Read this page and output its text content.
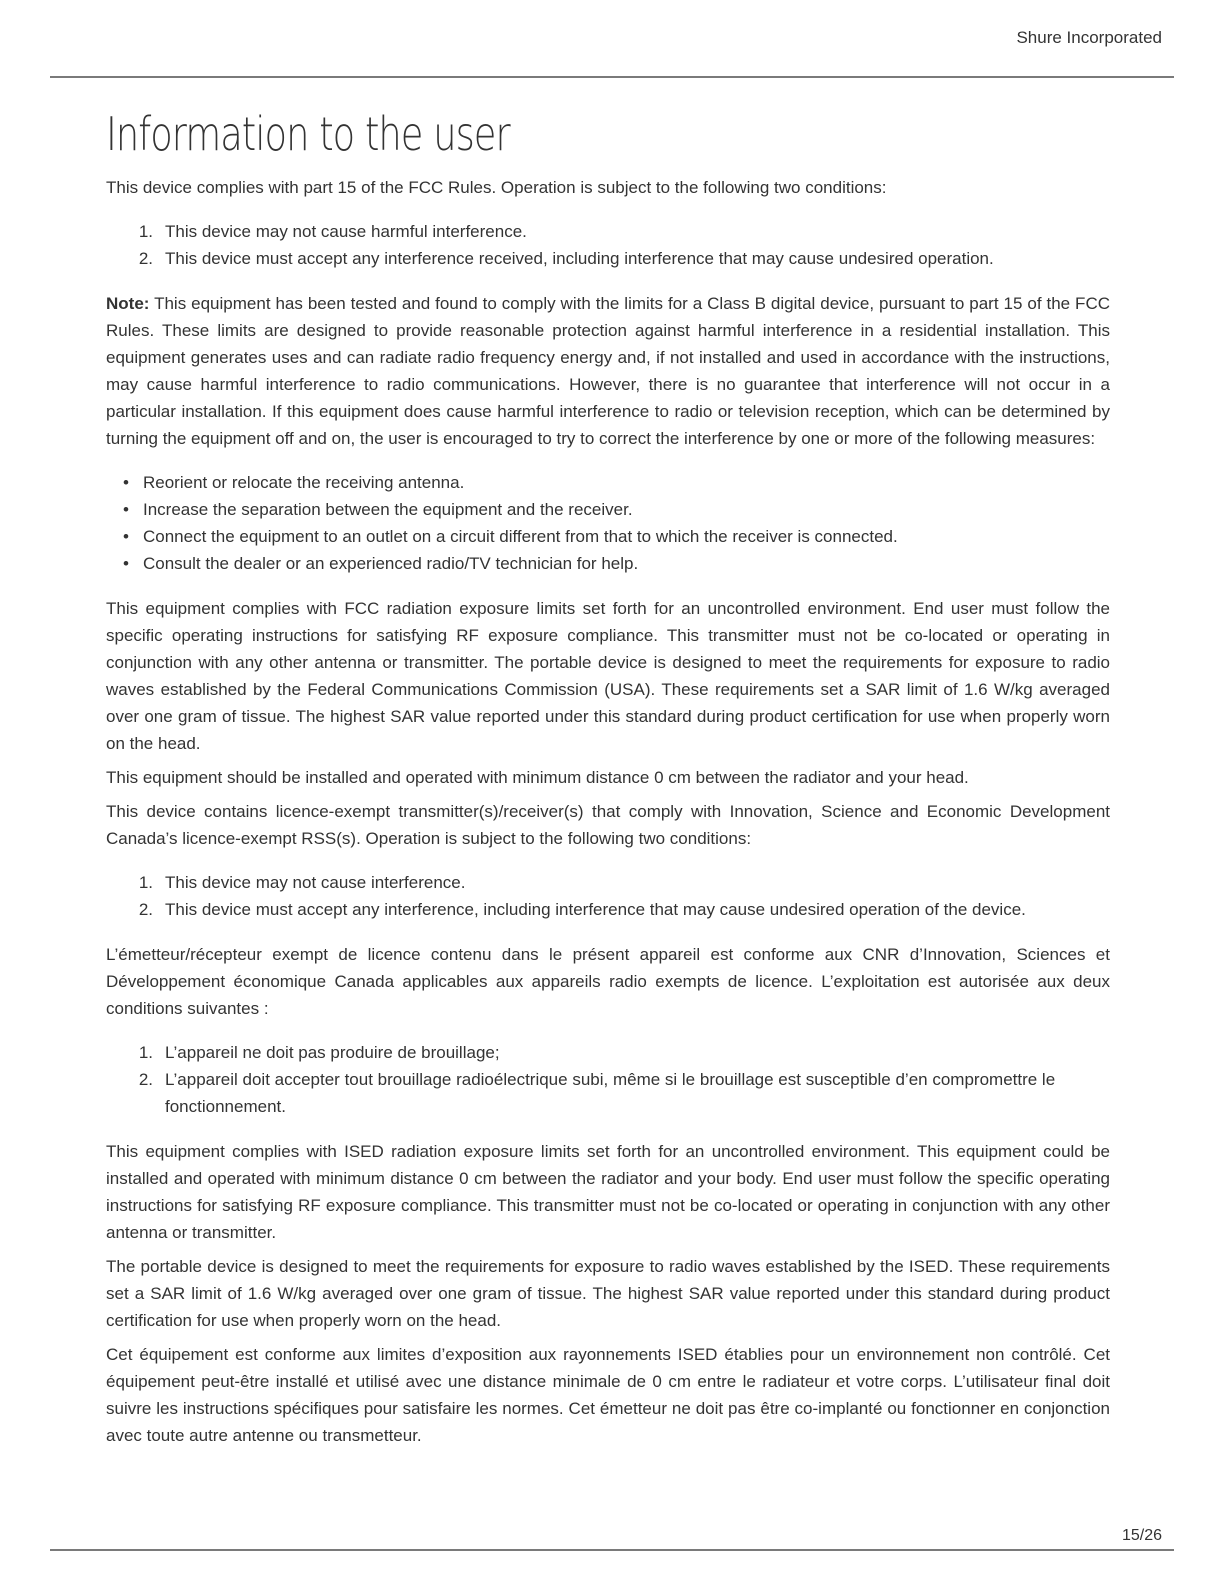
Shure Incorporated
Information to the user

This device complies with part 15 of the FCC Rules. Operation is subject to the following two conditions:

1. This device may not cause harmful interference.
2. This device must accept any interference received, including interference that may cause undesired operation.

Note: This equipment has been tested and found to comply with the limits for a Class B digital device, pursuant to part 15 of the FCC Rules. These limits are designed to provide reasonable protection against harmful interference in a residential installation. This equipment generates uses and can radiate radio frequency energy and, if not installed and used in accordance with the instructions, may cause harmful interference to radio communications. However, there is no guarantee that interference will not occur in a particular installation. If this equipment does cause harmful interference to radio or television reception, which can be determined by turning the equipment off and on, the user is encouraged to try to correct the interference by one or more of the following measures:

• Reorient or relocate the receiving antenna.
• Increase the separation between the equipment and the receiver.
• Connect the equipment to an outlet on a circuit different from that to which the receiver is connected.
• Consult the dealer or an experienced radio/TV technician for help.

This equipment complies with FCC radiation exposure limits set forth for an uncontrolled environment. End user must follow the specific operating instructions for satisfying RF exposure compliance. This transmitter must not be co-located or operating in conjunction with any other antenna or transmitter. The portable device is designed to meet the requirements for exposure to radio waves established by the Federal Communications Commission (USA). These requirements set a SAR limit of 1.6 W/kg averaged over one gram of tissue. The highest SAR value reported under this standard during product certification for use when properly worn on the head.

This equipment should be installed and operated with minimum distance 0 cm between the radiator and your head.

This device contains licence-exempt transmitter(s)/receiver(s) that comply with Innovation, Science and Economic Development Canada’s licence-exempt RSS(s). Operation is subject to the following two conditions:

1. This device may not cause interference.
2. This device must accept any interference, including interference that may cause undesired operation of the device.

L’émetteur/récepteur exempt de licence contenu dans le présent appareil est conforme aux CNR d’Innovation, Sciences et Développement économique Canada applicables aux appareils radio exempts de licence. L’exploitation est autorisée aux deux conditions suivantes :

1. L’appareil ne doit pas produire de brouillage;
2. L’appareil doit accepter tout brouillage radioélectrique subi, même si le brouillage est susceptible d’en compromettre le fonctionnement.

This equipment complies with ISED radiation exposure limits set forth for an uncontrolled environment. This equipment could be installed and operated with minimum distance 0 cm between the radiator and your body. End user must follow the specific operating instructions for satisfying RF exposure compliance. This transmitter must not be co-located or operating in conjunction with any other antenna or transmitter.

The portable device is designed to meet the requirements for exposure to radio waves established by the ISED. These requirements set a SAR limit of 1.6 W/kg averaged over one gram of tissue. The highest SAR value reported under this standard during product certification for use when properly worn on the head.

Cet équipement est conforme aux limites d’exposition aux rayonnements ISED établies pour un environnement non contrôlé. Cet équipement peut-être installé et utilisé avec une distance minimale de 0 cm entre le radiateur et votre corps. L’utilisateur final doit suivre les instructions spécifiques pour satisfaire les normes. Cet émetteur ne doit pas être co-implanté ou fonctionner en conjonction avec toute autre antenne ou transmetteur.

15/26
